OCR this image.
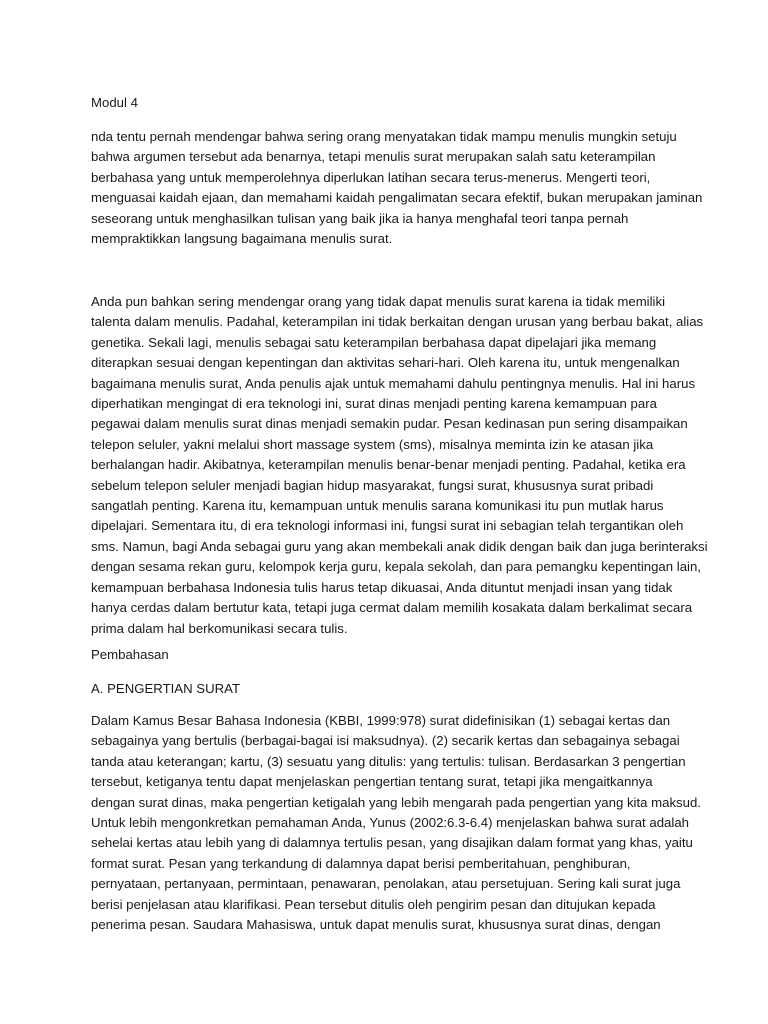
Modul 4
nda tentu pernah mendengar bahwa sering orang menyatakan tidak mampu menulis mungkin setuju
bahwa argumen tersebut ada benarnya, tetapi menulis surat merupakan salah satu keterampilan
berbahasa yang untuk memperolehnya diperlukan latihan secara terus-menerus. Mengerti teori,
menguasai kaidah ejaan, dan memahami kaidah pengalimatan secara efektif, bukan merupakan jaminan
seseorang untuk menghasilkan tulisan yang baik jika ia hanya menghafal teori tanpa pernah
mempraktikkan langsung bagaimana menulis surat.
Anda pun bahkan sering mendengar orang yang tidak dapat menulis surat karena ia tidak memiliki
talenta dalam menulis. Padahal, keterampilan ini tidak berkaitan dengan urusan yang berbau bakat, alias
genetika. Sekali lagi, menulis sebagai satu keterampilan berbahasa dapat dipelajari jika memang
diterapkan sesuai dengan kepentingan dan aktivitas sehari-hari. Oleh karena itu, untuk mengenalkan
bagaimana menulis surat, Anda penulis ajak untuk memahami dahulu pentingnya menulis. Hal ini harus
diperhatikan mengingat di era teknologi ini, surat dinas menjadi penting karena kemampuan para
pegawai dalam menulis surat dinas menjadi semakin pudar. Pesan kedinasan pun sering disampaikan
telepon seluler, yakni melalui short massage system (sms), misalnya meminta izin ke atasan jika
berhalangan hadir. Akibatnya, keterampilan menulis benar-benar menjadi penting. Padahal, ketika era
sebelum telepon seluler menjadi bagian hidup masyarakat, fungsi surat, khususnya surat pribadi
sangatlah penting. Karena itu, kemampuan untuk menulis sarana komunikasi itu pun mutlak harus
dipelajari. Sementara itu, di era teknologi informasi ini, fungsi surat ini sebagian telah tergantikan oleh
sms. Namun, bagi Anda sebagai guru yang akan membekali anak didik dengan baik dan juga berinteraksi
dengan sesama rekan guru, kelompok kerja guru, kepala sekolah, dan para pemangku kepentingan lain,
kemampuan berbahasa Indonesia tulis harus tetap dikuasai, Anda dituntut menjadi insan yang tidak
hanya cerdas dalam bertutur kata, tetapi juga cermat dalam memilih kosakata dalam berkalimat secara
prima dalam hal berkomunikasi secara tulis.
Pembahasan
A. PENGERTIAN SURAT
Dalam Kamus Besar Bahasa Indonesia (KBBI, 1999:978) surat didefinisikan (1) sebagai kertas dan
sebagainya yang bertulis (berbagai-bagai isi maksudnya). (2) secarik kertas dan sebagainya sebagai
tanda atau keterangan; kartu, (3) sesuatu yang ditulis: yang tertulis: tulisan. Berdasarkan 3 pengertian
tersebut, ketiganya tentu dapat menjelaskan pengertian tentang surat, tetapi jika mengaitkannya
dengan surat dinas, maka pengertian ketigalah yang lebih mengarah pada pengertian yang kita maksud.
Untuk lebih mengonkretkan pemahaman Anda, Yunus (2002:6.3-6.4) menjelaskan bahwa surat adalah
sehelai kertas atau lebih yang di dalamnya tertulis pesan, yang disajikan dalam format yang khas, yaitu
format surat. Pesan yang terkandung di dalamnya dapat berisi pemberitahuan, penghiburan,
pernyataan, pertanyaan, permintaan, penawaran, penolakan, atau persetujuan. Sering kali surat juga
berisi penjelasan atau klarifikasi. Pean tersebut ditulis oleh pengirim pesan dan ditujukan kepada
penerima pesan. Saudara Mahasiswa, untuk dapat menulis surat, khususnya surat dinas, dengan
